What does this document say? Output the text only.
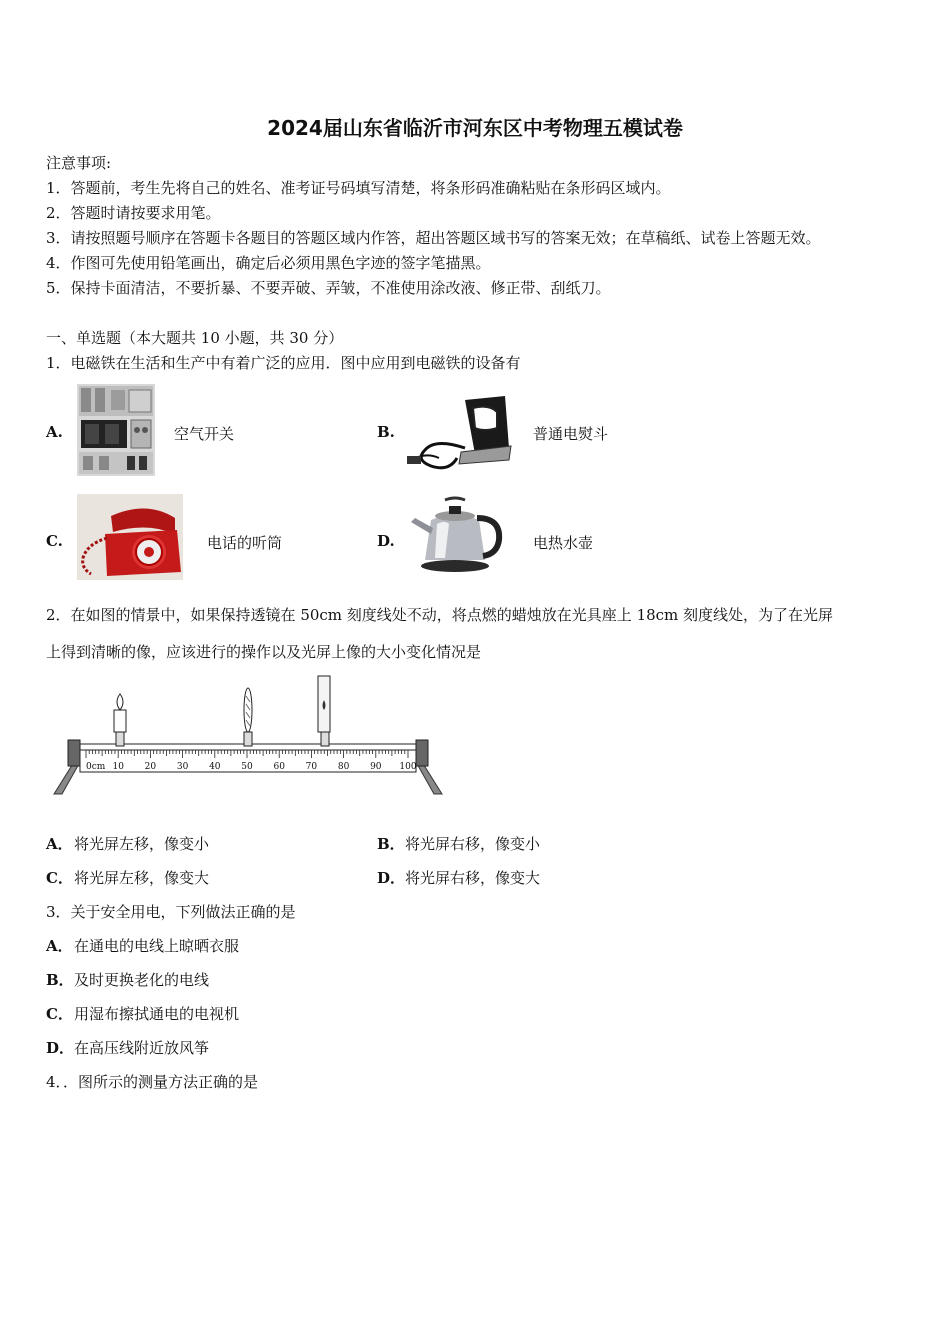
2024届山东省临沂市河东区中考物理五模试卷
注意事项:
1．答题前，考生先将自己的姓名、准考证号码填写清楚，将条形码准确粘贴在条形码区域内。
2．答题时请按要求用笔。
3．请按照题号顺序在答题卡各题目的答题区域内作答，超出答题区域书写的答案无效；在草稿纸、试卷上答题无效。
4．作图可先使用铅笔画出，确定后必须用黑色字迹的签字笔描黑。
5．保持卡面清洁，不要折暴、不要弄破、弄皱，不准使用涂改液、修正带、刮纸刀。
一、单选题（本大题共 10 小题，共 30 分）
1．电磁铁在生活和生产中有着广泛的应用．图中应用到电磁铁的设备有
A.	空气开关	B.	普通电熨斗
C.	电话的听筒	D.	电热水壶
2．在如图的情景中，如果保持透镜在 50cm 刻度线处不动，将点燃的蜡烛放在光具座上 18cm 刻度线处，为了在光屏
上得到清晰的像，应该进行的操作以及光屏上像的大小变化情况是
0cm 10 20 30 40 50 60 70 80 90 100
A． 将光屏左移，像变小	B． 将光屏右移，像变小
C． 将光屏左移，像变大	D． 将光屏右移，像变大
3．关于安全用电，下列做法正确的是
A． 在通电的电线上晾晒衣服
B． 及时更换老化的电线
C． 用湿布擦拭通电的电视机
D． 在高压线附近放风筝
4．．图所示的测量方法正确的是
